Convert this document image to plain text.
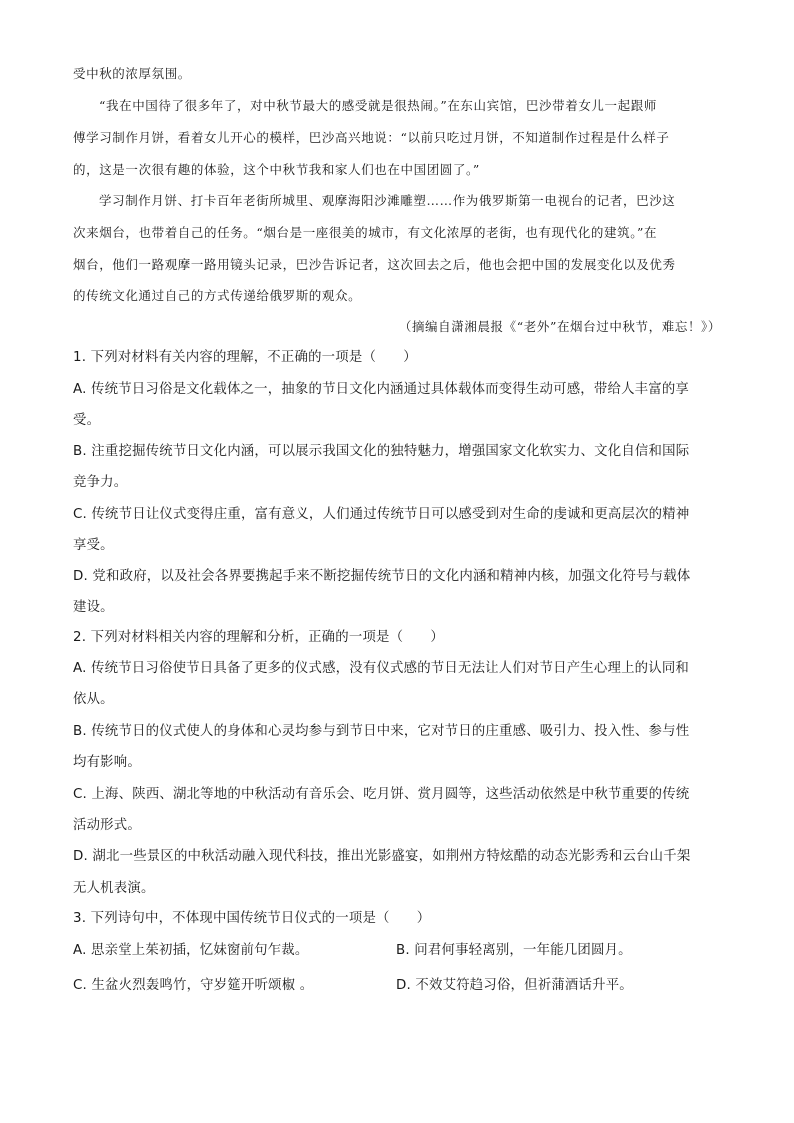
受中秋的浓厚氛围。
“我在中国待了很多年了，对中秋节最大的感受就是很热闹。”在东山宾馆，巴沙带着女儿一起跟师
傅学习制作月饼，看着女儿开心的模样，巴沙高兴地说：“以前只吃过月饼，不知道制作过程是什么样子
的，这是一次很有趣的体验，这个中秋节我和家人们也在中国团圆了。”
学习制作月饼、打卡百年老街所城里、观摩海阳沙滩雕塑……作为俄罗斯第一电视台的记者，巴沙这
次来烟台，也带着自己的任务。“烟台是一座很美的城市，有文化浓厚的老街，也有现代化的建筑。”在
烟台，他们一路观摩一路用镜头记录，巴沙告诉记者，这次回去之后，他也会把中国的发展变化以及优秀
的传统文化通过自己的方式传递给俄罗斯的观众。
（摘编自潇湘晨报《“老外”在烟台过中秋节，难忘！》）
1. 下列对材料有关内容的理解，不正确的一项是（　　）
A. 传统节日习俗是文化载体之一，抽象的节日文化内涵通过具体载体而变得生动可感，带给人丰富的享
受。
B. 注重挖掘传统节日文化内涵，可以展示我国文化的独特魅力，增强国家文化软实力、文化自信和国际
竞争力。
C. 传统节日让仪式变得庄重，富有意义，人们通过传统节日可以感受到对生命的虔诚和更高层次的精神
享受。
D. 党和政府，以及社会各界要携起手来不断挖掘传统节日的文化内涵和精神内核，加强文化符号与载体
建设。
2. 下列对材料相关内容的理解和分析，正确的一项是（　　）
A. 传统节日习俗使节日具备了更多的仪式感，没有仪式感的节日无法让人们对节日产生心理上的认同和
依从。
B. 传统节日的仪式使人的身体和心灵均参与到节日中来，它对节日的庄重感、吸引力、投入性、参与性
均有影响。
C. 上海、陕西、湖北等地的中秋活动有音乐会、吃月饼、赏月圆等，这些活动依然是中秋节重要的传统
活动形式。
D. 湖北一些景区的中秋活动融入现代科技，推出光影盛宴，如荆州方特炫酷的动态光影秀和云台山千架
无人机表演。
3. 下列诗句中，不体现中国传统节日仪式的一项是（　　）
A. 思亲堂上茱初插，忆妹窗前句乍裁。	B. 问君何事轻离别，一年能几团圆月。
C. 生盆火烈轰鸣竹，守岁筵开听颂椒 。	D. 不效艾符趋习俗，但祈蒲酒话升平。
